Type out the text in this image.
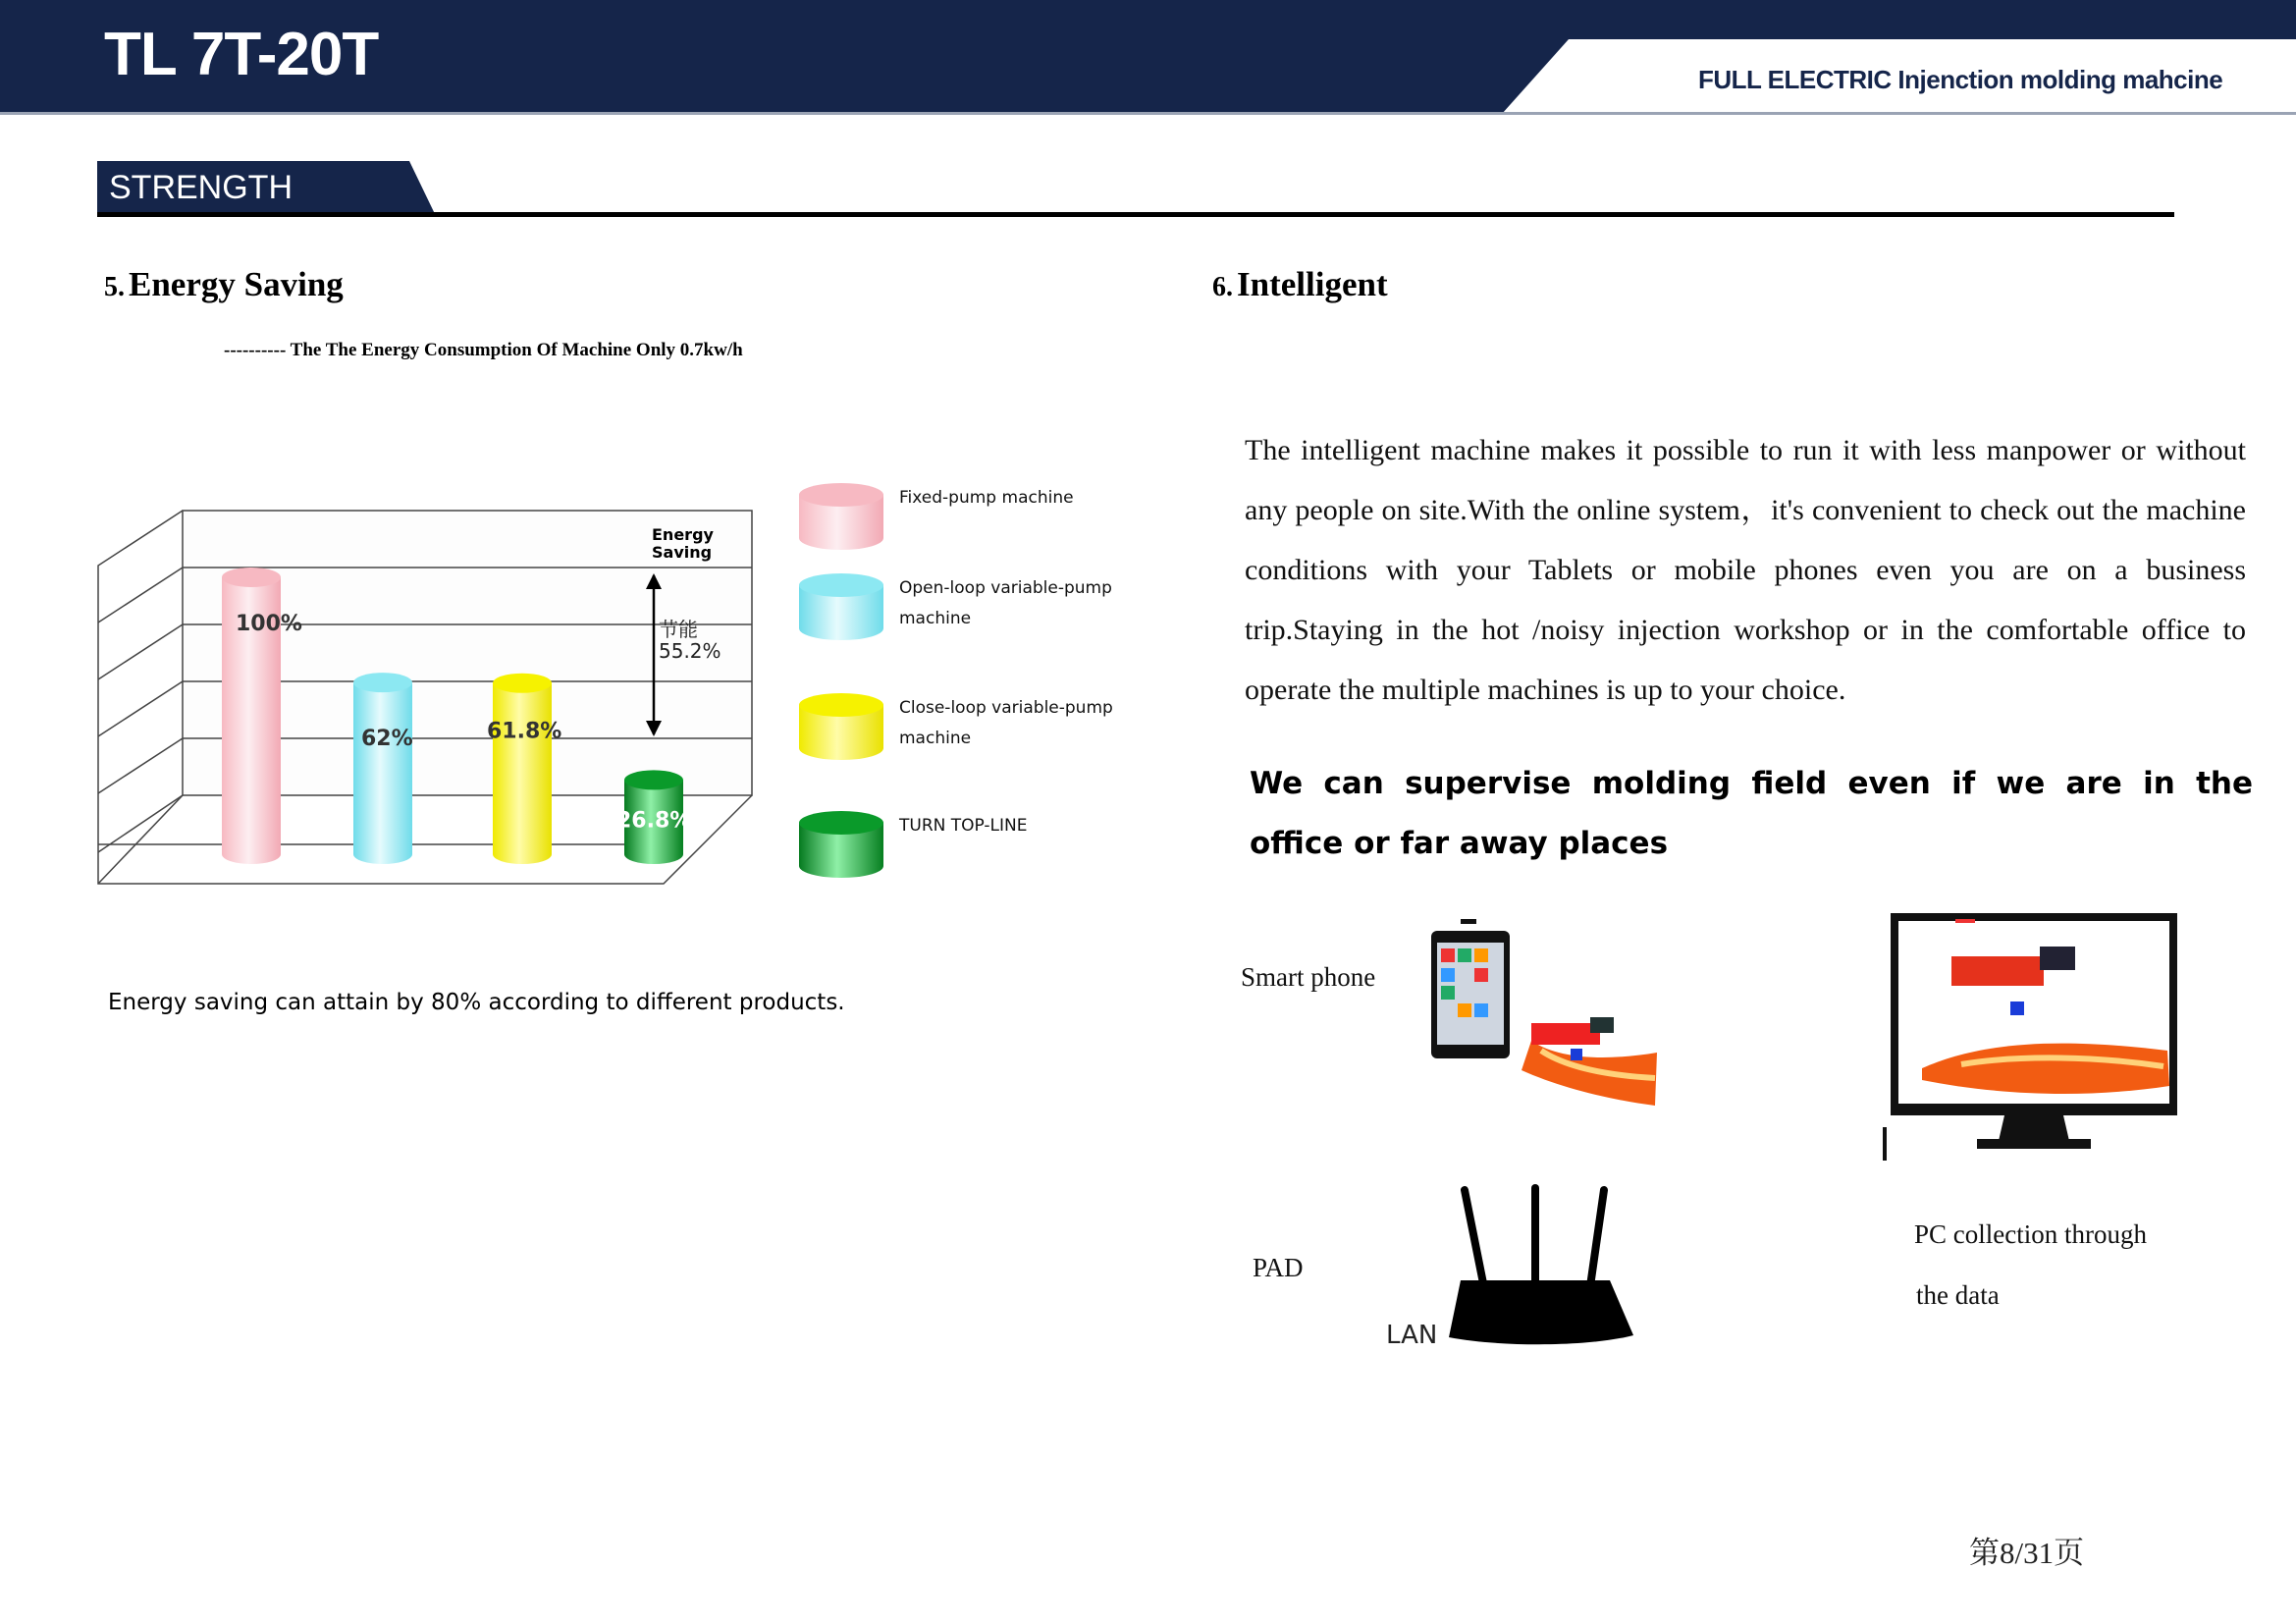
TL 7T-20T	FULL ELECTRIC Injenction molding mahcine
STRENGTH
5. Energy Saving
---------- The The Energy Consumption Of Machine Only 0.7kw/h
100%
62%	61.8%
26.8%
Energy
Saving
节能
55.2%
Energy saving can attain by 80% according to different products.
6. Intelligent
The intelligent machine makes it possible to run it with less manpower or without any people on site.With the online system，it's convenient to check out the machine conditions with your Tablets or mobile phones even you are on a business trip.Staying in the hot /noisy injection workshop or in the comfortable office to operate the multiple machines is up to your choice.
We can supervise molding field even if we are in the office or far away places
Smart phone
PAD
PC collection through
the data
LAN
第8/31页
Fixed-pump machine
Open-loop variable-pump
machine
Close-loop variable-pump
machine
TURN TOP-LINE
